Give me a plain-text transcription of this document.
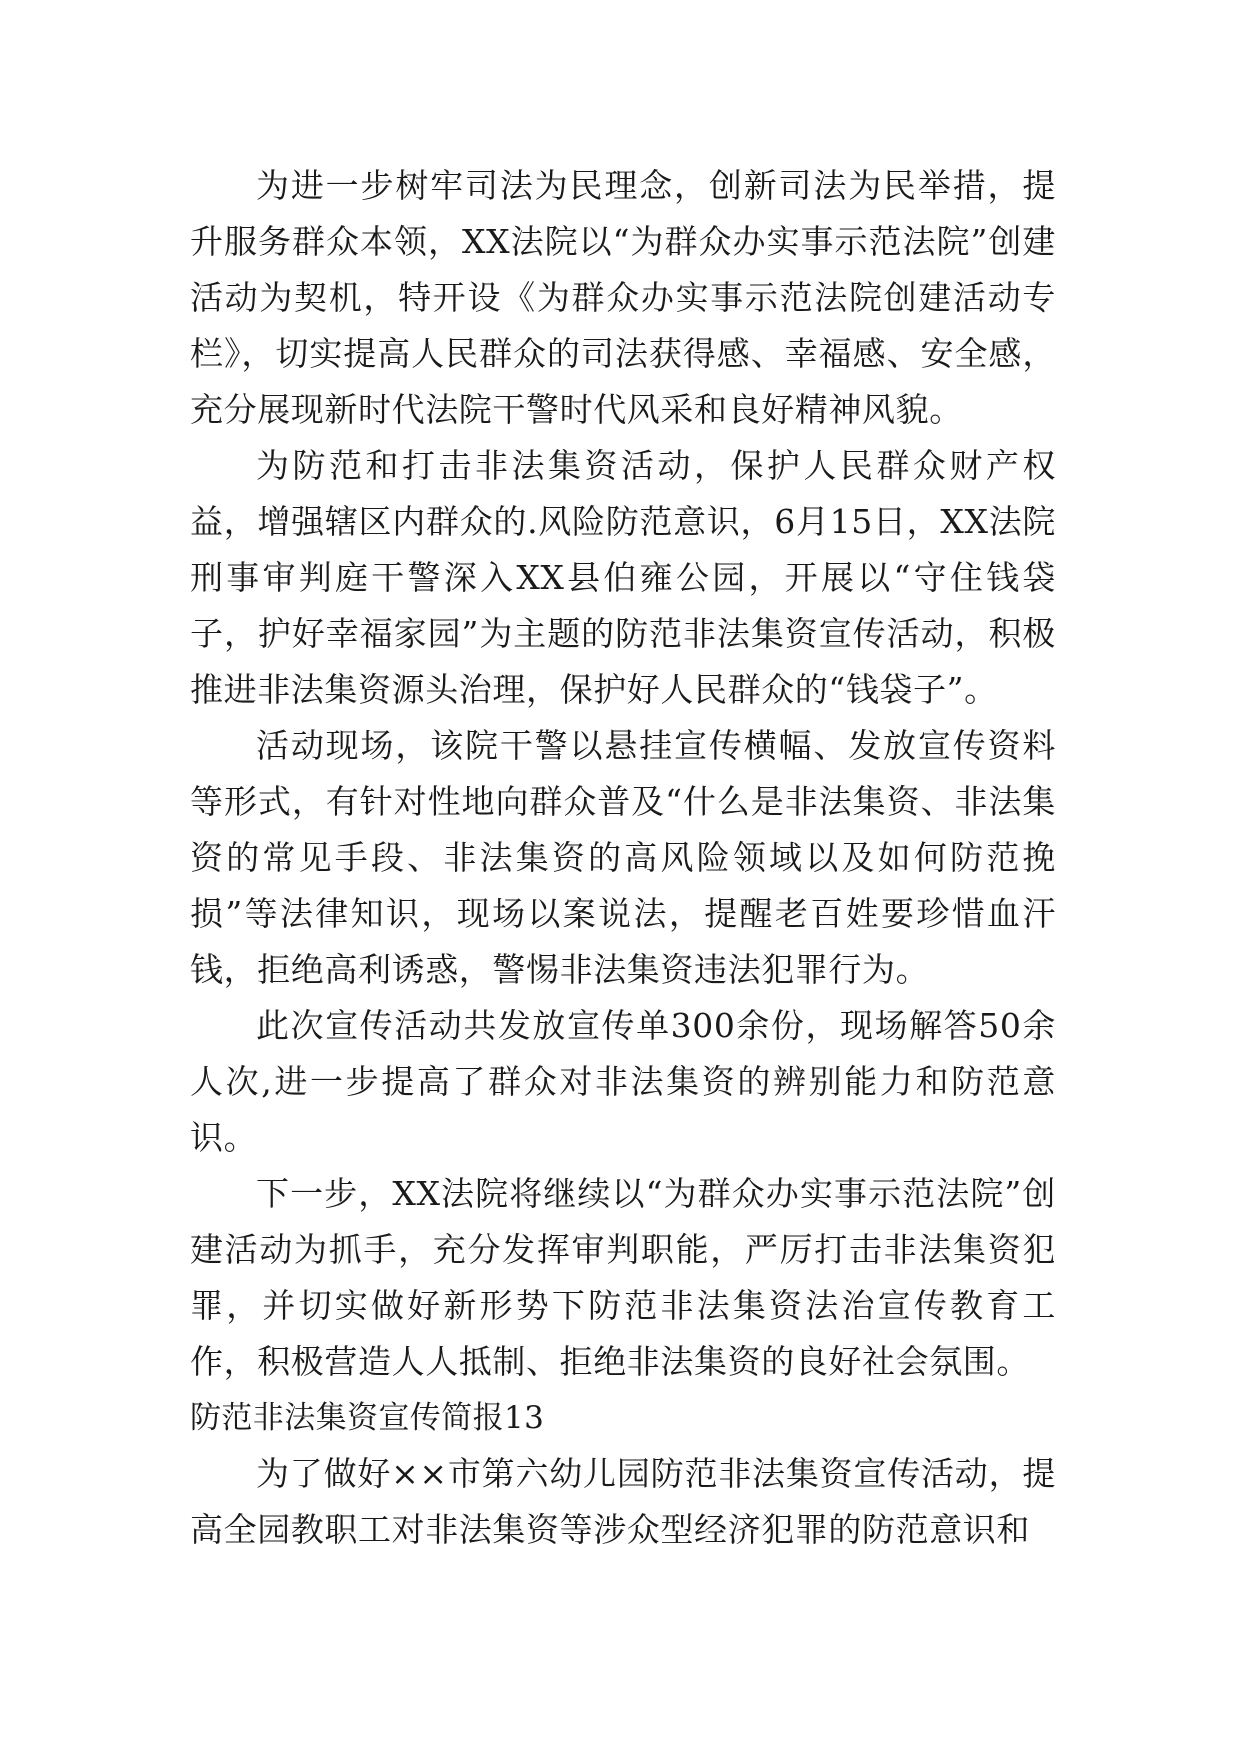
为进一步树牢司法为民理念，创新司法为民举措，提升服务群众本领，XX法院以“为群众办实事示范法院”创建活动为契机，特开设《为群众办实事示范法院创建活动专栏》，切实提高人民群众的司法获得感、幸福感、安全感，充分展现新时代法院干警时代风采和良好精神风貌。

为防范和打击非法集资活动，保护人民群众财产权益，增强辖区内群众的.风险防范意识，6月15日，XX法院刑事审判庭干警深入XX县伯雍公园，开展以“守住钱袋子，护好幸福家园”为主题的防范非法集资宣传活动，积极推进非法集资源头治理，保护好人民群众的“钱袋子”。

活动现场，该院干警以悬挂宣传横幅、发放宣传资料等形式，有针对性地向群众普及“什么是非法集资、非法集资的常见手段、非法集资的高风险领域以及如何防范挽损”等法律知识，现场以案说法，提醒老百姓要珍惜血汗钱，拒绝高利诱惑，警惕非法集资违法犯罪行为。

此次宣传活动共发放宣传单300余份，现场解答50余人次,进一步提高了群众对非法集资的辨别能力和防范意识。

下一步，XX法院将继续以“为群众办实事示范法院”创建活动为抓手，充分发挥审判职能，严厉打击非法集资犯罪，并切实做好新形势下防范非法集资法治宣传教育工作，积极营造人人抵制、拒绝非法集资的良好社会氛围。

防范非法集资宣传简报13

为了做好××市第六幼儿园防范非法集资宣传活动，提高全园教职工对非法集资等涉众型经济犯罪的防范意识和
